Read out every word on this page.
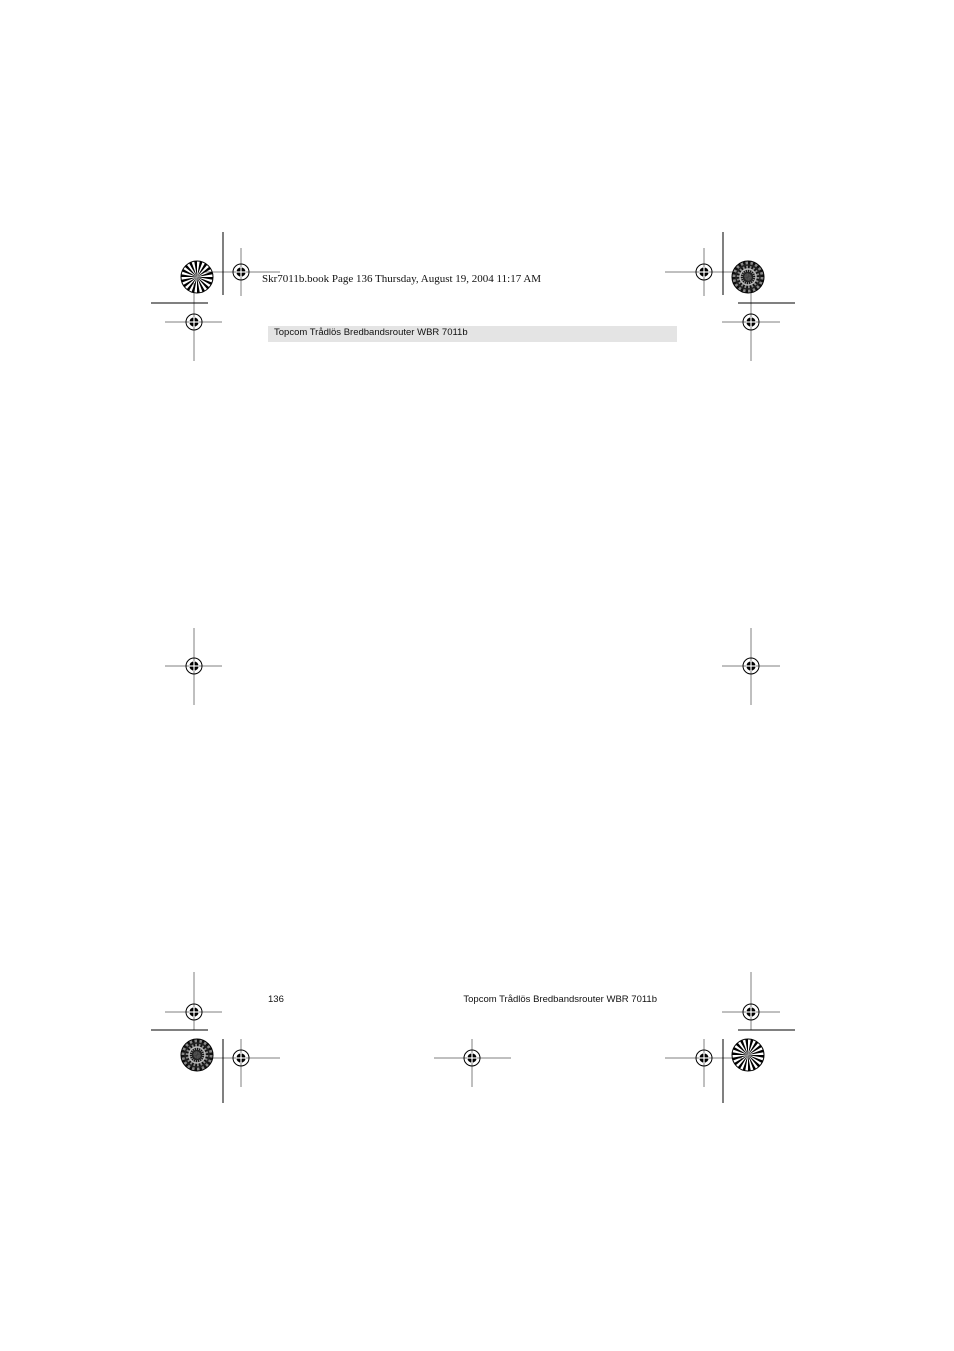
Skr7011b.book Page 136 Thursday, August 19, 2004 11:17 AM
Topcom Trådlös Bredbandsrouter WBR 7011b
136	Topcom Trådlös Bredbandsrouter WBR 7011b
